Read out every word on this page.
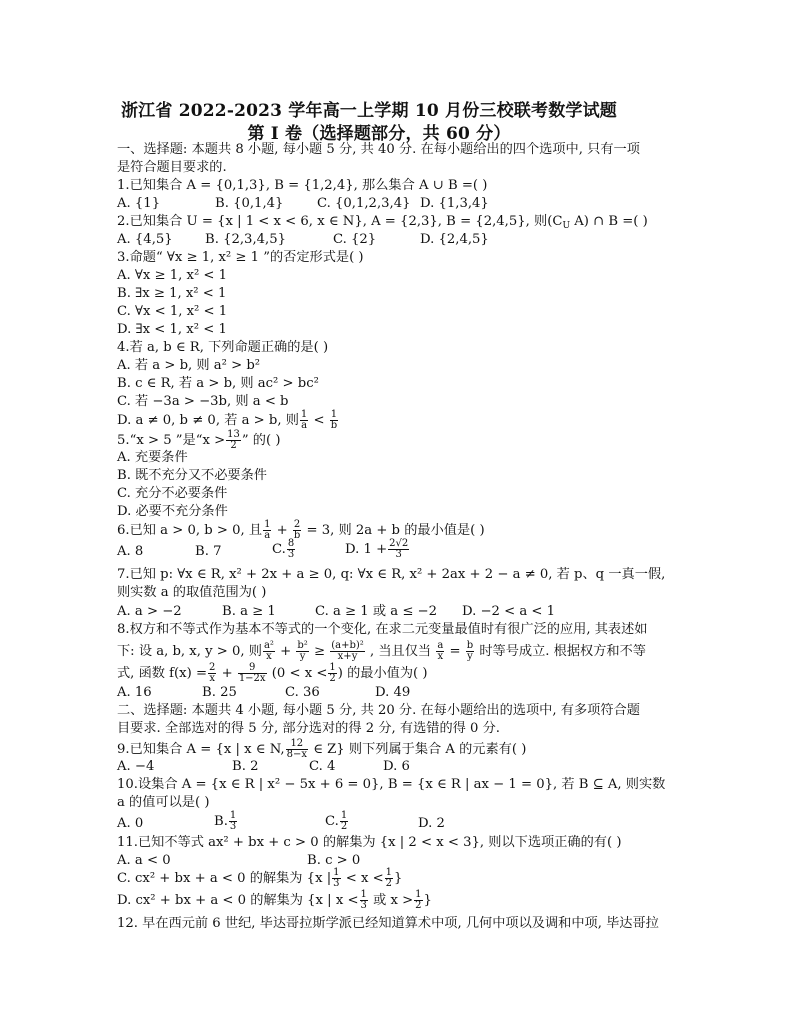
浙江省 2022-2023 学年高一上学期 10 月份三校联考数学试题
第 I 卷（选择题部分，共 60 分）
一、选择题: 本题共 8 小题, 每小题 5 分, 共 40 分. 在每小题给出的四个选项中, 只有一项
是符合题目要求的.
1.已知集合 A = {0,1,3}, B = {1,2,4}, 那么集合 A ∪ B =( )
A. {1}	B. {0,1,4}	C. {0,1,2,3,4} D. {1,3,4}
2.已知集合 U = {x | 1 < x < 6, x ∈ N}, A = {2,3}, B = {2,4,5}, 则($C_U$ A) ∩ B =( )
A. {4,5} B. {2,3,4,5}	C. {2}	D. {2,4,5}
3.命题“ ∀x ≥ 1, x² ≥ 1 ”的否定形式是( )
A. ∀x ≥ 1, x² < 1
B. ∃x ≥ 1, x² < 1
C. ∀x < 1, x² < 1
D. ∃x < 1, x² < 1
4.若 a, b ∈ R, 下列命题正确的是( )
A. 若 a > b, 则 a² > b²
B. c ∈ R, 若 a > b, 则 ac² > bc²
C. 若 −3a > −3b, 则 a < b
D. a ≠ 0, b ≠ 0, 若 a > b, 则 $\frac{1}{a} < \frac{1}{b}$
5.“x > 5 ”是“$x > \frac{13}{2}$ ” 的( )
A. 充要条件
B. 既不充分又不必要条件
C. 充分不必要条件
D. 必要不充分条件
6.已知 a > 0, b > 0, 且 $\frac{1}{a} + \frac{2}{b} = 3$, 则 2a + b 的最小值是( )
A. 8	B. 7	C. $\frac{8}{3}$	D. $1 + \frac{2√2}{3}$
7.已知 p: ∀x ∈ R, x² + 2x + a ≥ 0, q: ∀x ∈ R, x² + 2ax + 2 − a ≠ 0, 若 p、q 一真一假,
则实数 a 的取值范围为( )
A. a > −2	B. a ≥ 1	C. a ≥ 1 或 a ≤ −2 D. −2 < a < 1
8.权方和不等式作为基本不等式的一个变化, 在求二元变量最值时有很广泛的应用, 其表述如
下: 设 a, b, x, y > 0, 则 $\frac{\text{a²}}{x} + \frac{\text{b²}}{y} \ge \frac{\text{(a+b)²}}{x+y}$ , 当且仅当 $\frac{a}{x} = \frac{b}{y}$ 时等号成立. 根据权方和不等
式, 函数 $f(x) = \frac{2}{x} + \frac{9}{1-2x} (0 < x < \frac{1}{2}$ ) 的最小值为( )
A. 16	B. 25	C. 36	D. 49
二、选择题: 本题共 4 小题, 每小题 5 分, 共 20 分. 在每小题给出的选项中, 有多项符合题
目要求. 全部选对的得 5 分, 部分选对的得 2 分, 有选错的得 0 分.
9.已知集合 A = {x | x ∈ N, $\frac{12}{8-x}$ ∈ Z} 则下列属于集合 A 的元素有( )
A. −4	B. 2	C. 4	D. 6
10.设集合 A = {x ∈ R | x² − 5x + 6 = 0}, B = {x ∈ R | ax − 1 = 0}, 若 B ⊆ A, 则实数
a 的值可以是( )
A. 0	B. $\frac{1}{3}$	C. $\frac{1}{2}$	D. 2
11.已知不等式 ax² + bx + c > 0 的解集为 {x | 2 < x < 3}, 则以下选项正确的有( )
A. a < 0	B. c > 0
C. cx² + bx + a < 0 的解集为 {x | $\frac{1}{3} < x < \frac{1}{2}$ }
D. cx² + bx + a < 0 的解集为 {x | $x < \frac{1}{3}$ 或 $x > \frac{1}{2}$ }
12. 早在西元前 6 世纪, 毕达哥拉斯学派已经知道算术中项, 几何中项以及调和中项, 毕达哥拉
